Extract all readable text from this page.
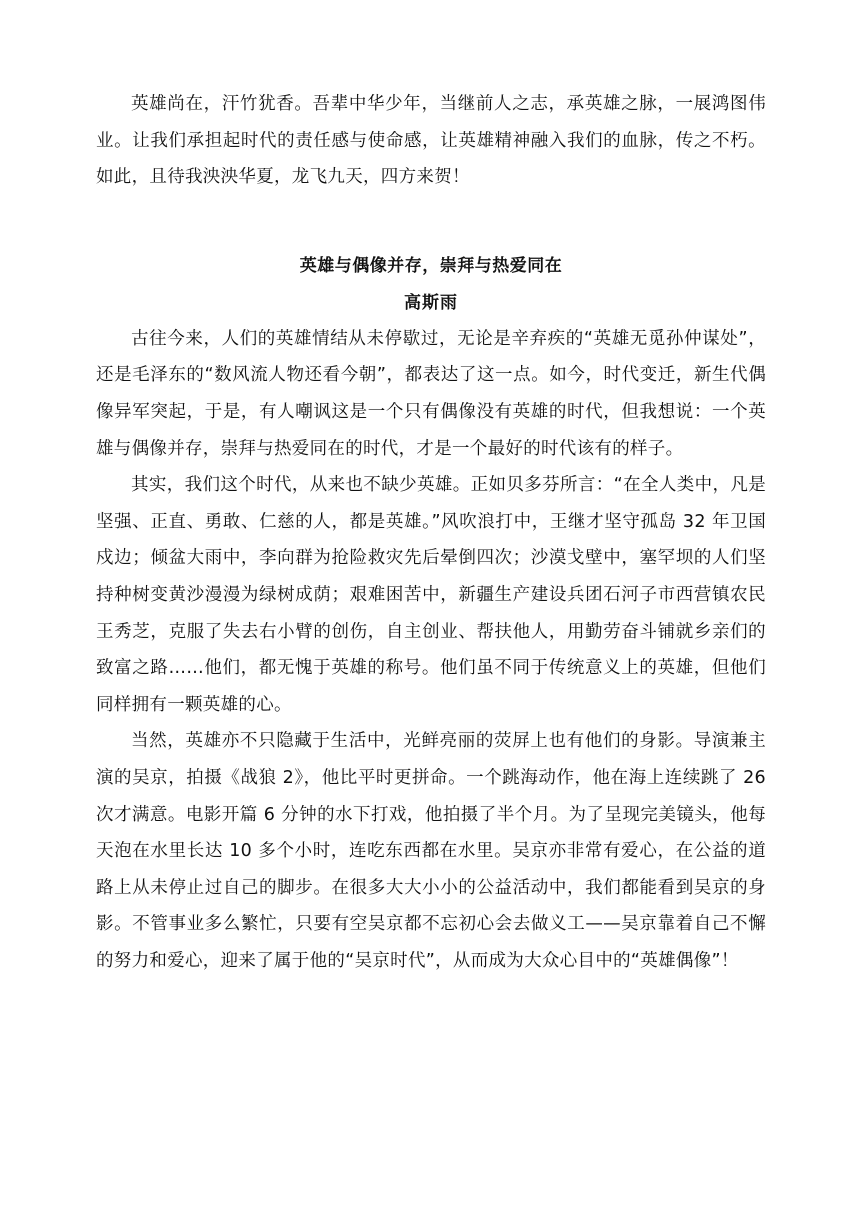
英雄尚在，汗竹犹香。吾辈中华少年，当继前人之志，承英雄之脉，一展鸿图伟业。让我们承担起时代的责任感与使命感，让英雄精神融入我们的血脉，传之不朽。如此，且待我泱泱华夏，龙飞九天，四方来贺！

英雄与偶像并存，崇拜与热爱同在
高斯雨

古往今来，人们的英雄情结从未停歇过，无论是辛弃疾的“英雄无觅孙仲谋处”，还是毛泽东的“数风流人物还看今朝”，都表达了这一点。如今，时代变迁，新生代偶像异军突起，于是，有人嘲讽这是一个只有偶像没有英雄的时代，但我想说：一个英雄与偶像并存，崇拜与热爱同在的时代，才是一个最好的时代该有的样子。

其实，我们这个时代，从来也不缺少英雄。正如贝多芬所言：“在全人类中，凡是坚强、正直、勇敢、仁慈的人，都是英雄。”风吹浪打中，王继才坚守孤岛 32 年卫国戍边；倾盆大雨中，李向群为抢险救灾先后晕倒四次；沙漠戈壁中，塞罕坝的人们坚持种树变黄沙漫漫为绿树成荫；艰难困苦中，新疆生产建设兵团石河子市西营镇农民王秀芝，克服了失去右小臂的创伤，自主创业、帮扶他人，用勤劳奋斗铺就乡亲们的致富之路……他们，都无愧于英雄的称号。他们虽不同于传统意义上的英雄，但他们同样拥有一颗英雄的心。

当然，英雄亦不只隐藏于生活中，光鲜亮丽的荧屏上也有他们的身影。导演兼主演的吴京，拍摄《战狼 2》，他比平时更拼命。一个跳海动作，他在海上连续跳了 26 次才满意。电影开篇 6 分钟的水下打戏，他拍摄了半个月。为了呈现完美镜头，他每天泡在水里长达 10 多个小时，连吃东西都在水里。吴京亦非常有爱心，在公益的道路上从未停止过自己的脚步。在很多大大小小的公益活动中，我们都能看到吴京的身影。不管事业多么繁忙，只要有空吴京都不忘初心会去做义工——吴京靠着自己不懈的努力和爱心，迎来了属于他的“吴京时代”，从而成为大众心目中的“英雄偶像”！
